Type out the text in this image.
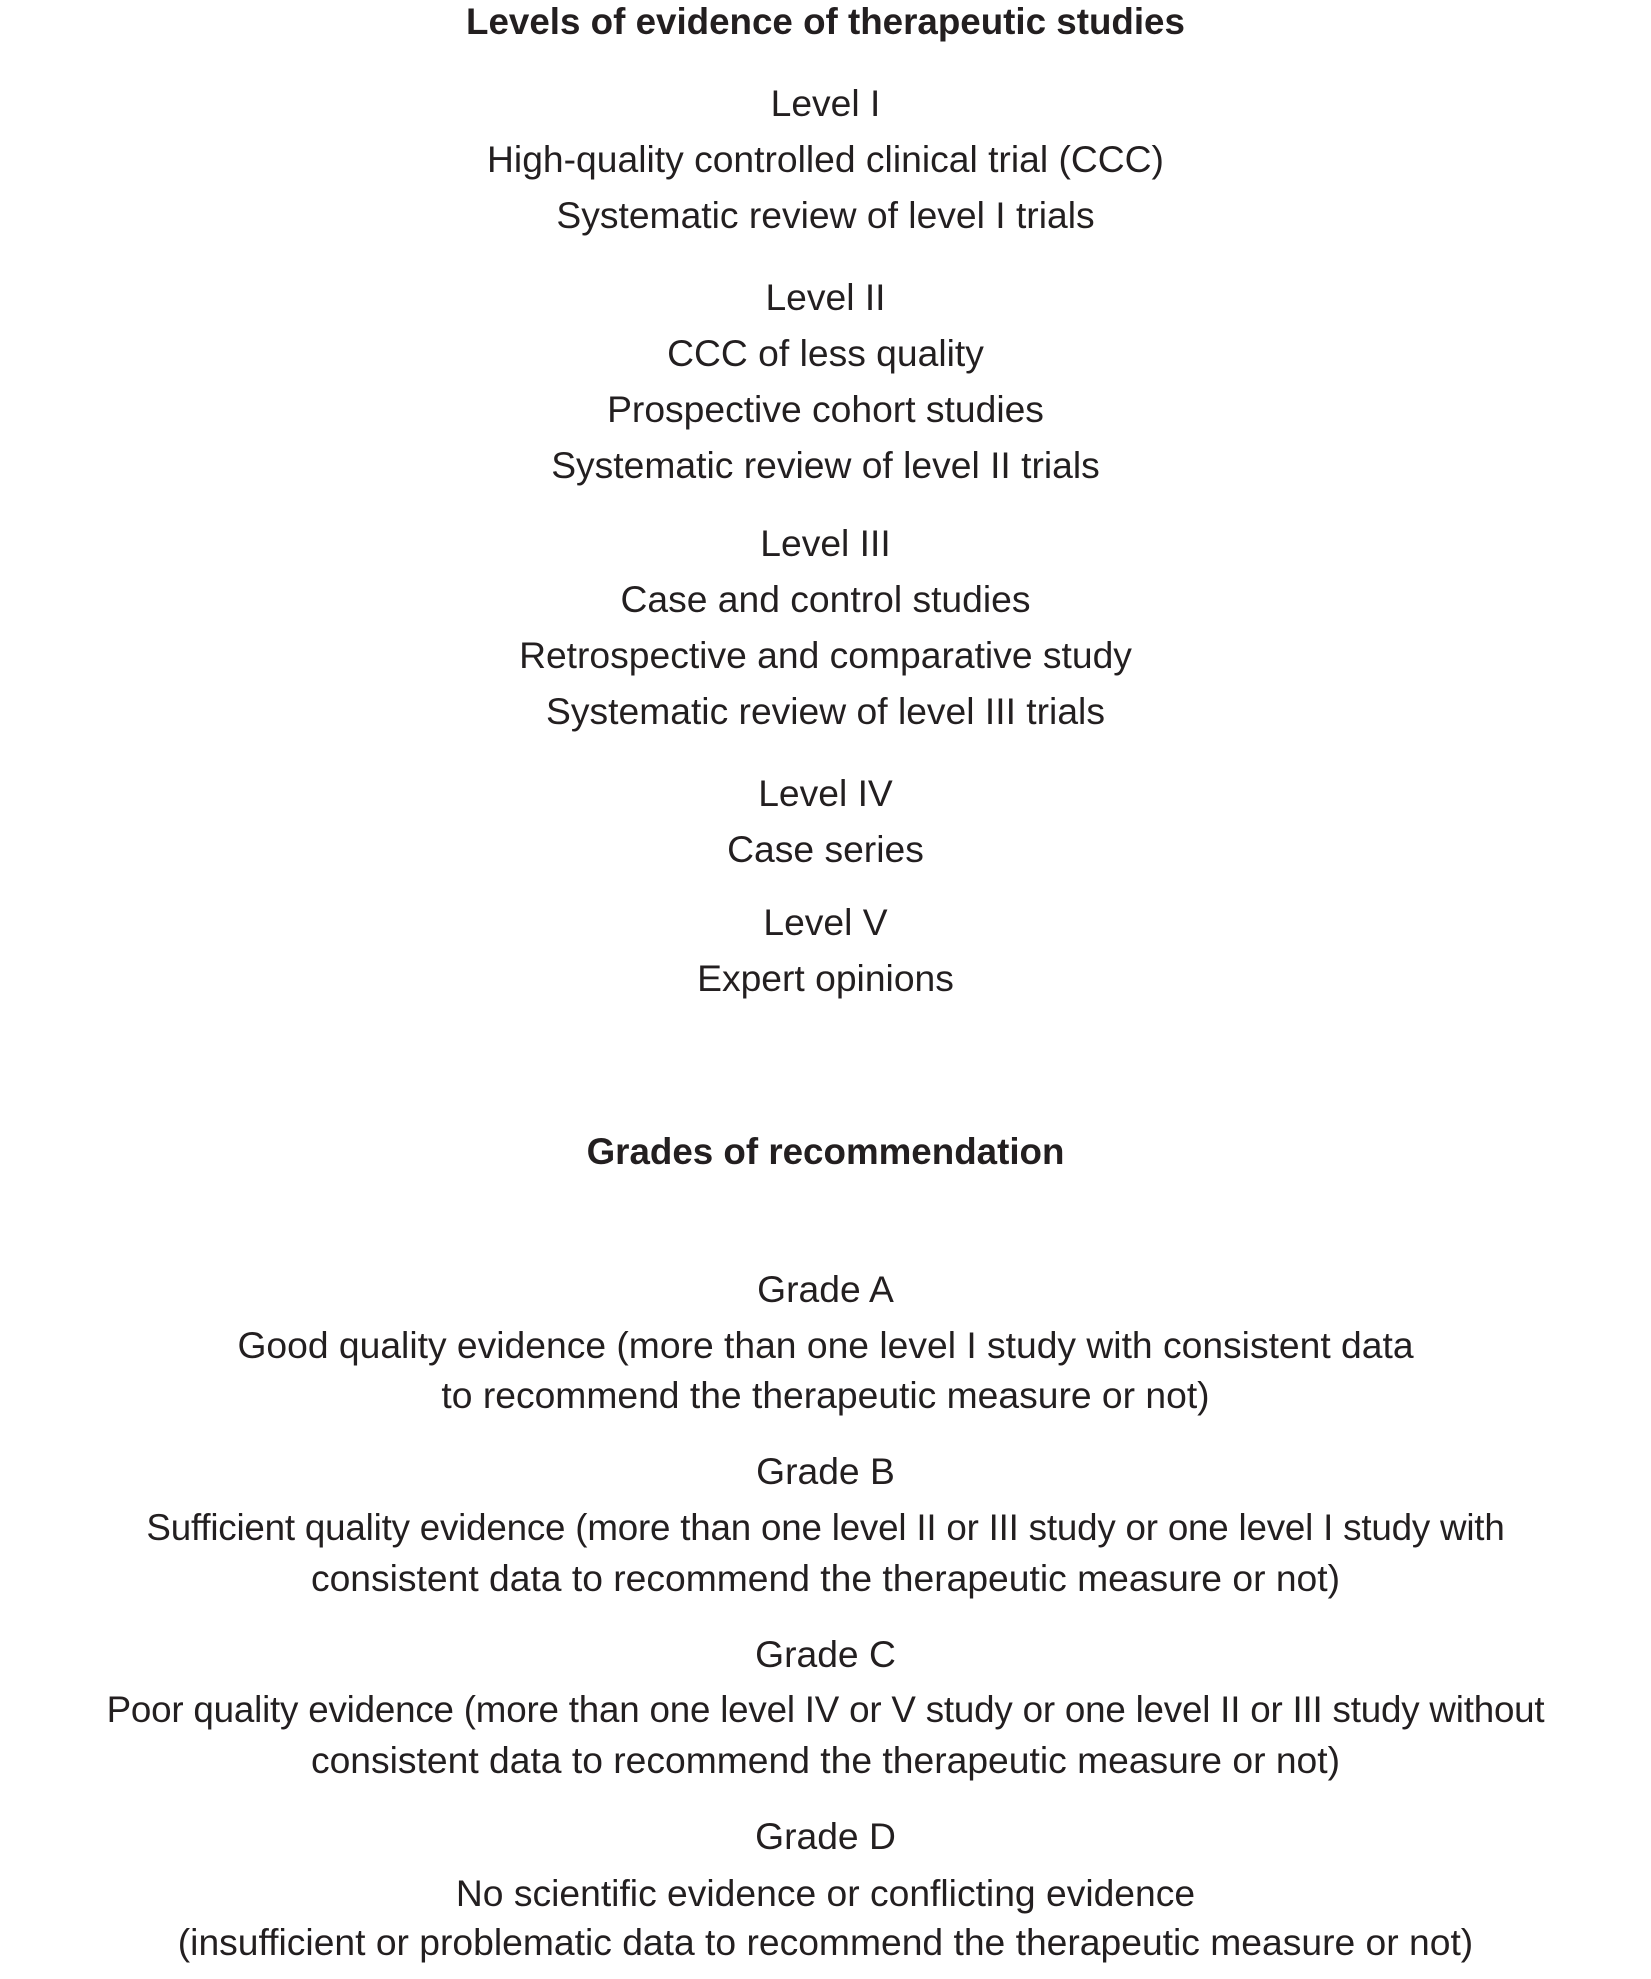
Levels of evidence of therapeutic studies
Level I
High-quality controlled clinical trial (CCC)
Systematic review of level I trials
Level II
CCC of less quality
Prospective cohort studies
Systematic review of level II trials
Level III
Case and control studies
Retrospective and comparative study
Systematic review of level III trials
Level IV
Case series
Level V
Expert opinions
Grades of recommendation
Grade A
Good quality evidence (more than one level I study with consistent data
to recommend the therapeutic measure or not)
Grade B
Sufficient quality evidence (more than one level II or III study or one level I study with
consistent data to recommend the therapeutic measure or not)
Grade C
Poor quality evidence (more than one level IV or V study or one level II or III study without
consistent data to recommend the therapeutic measure or not)
Grade D
No scientific evidence or conflicting evidence
(insufficient or problematic data to recommend the therapeutic measure or not)
